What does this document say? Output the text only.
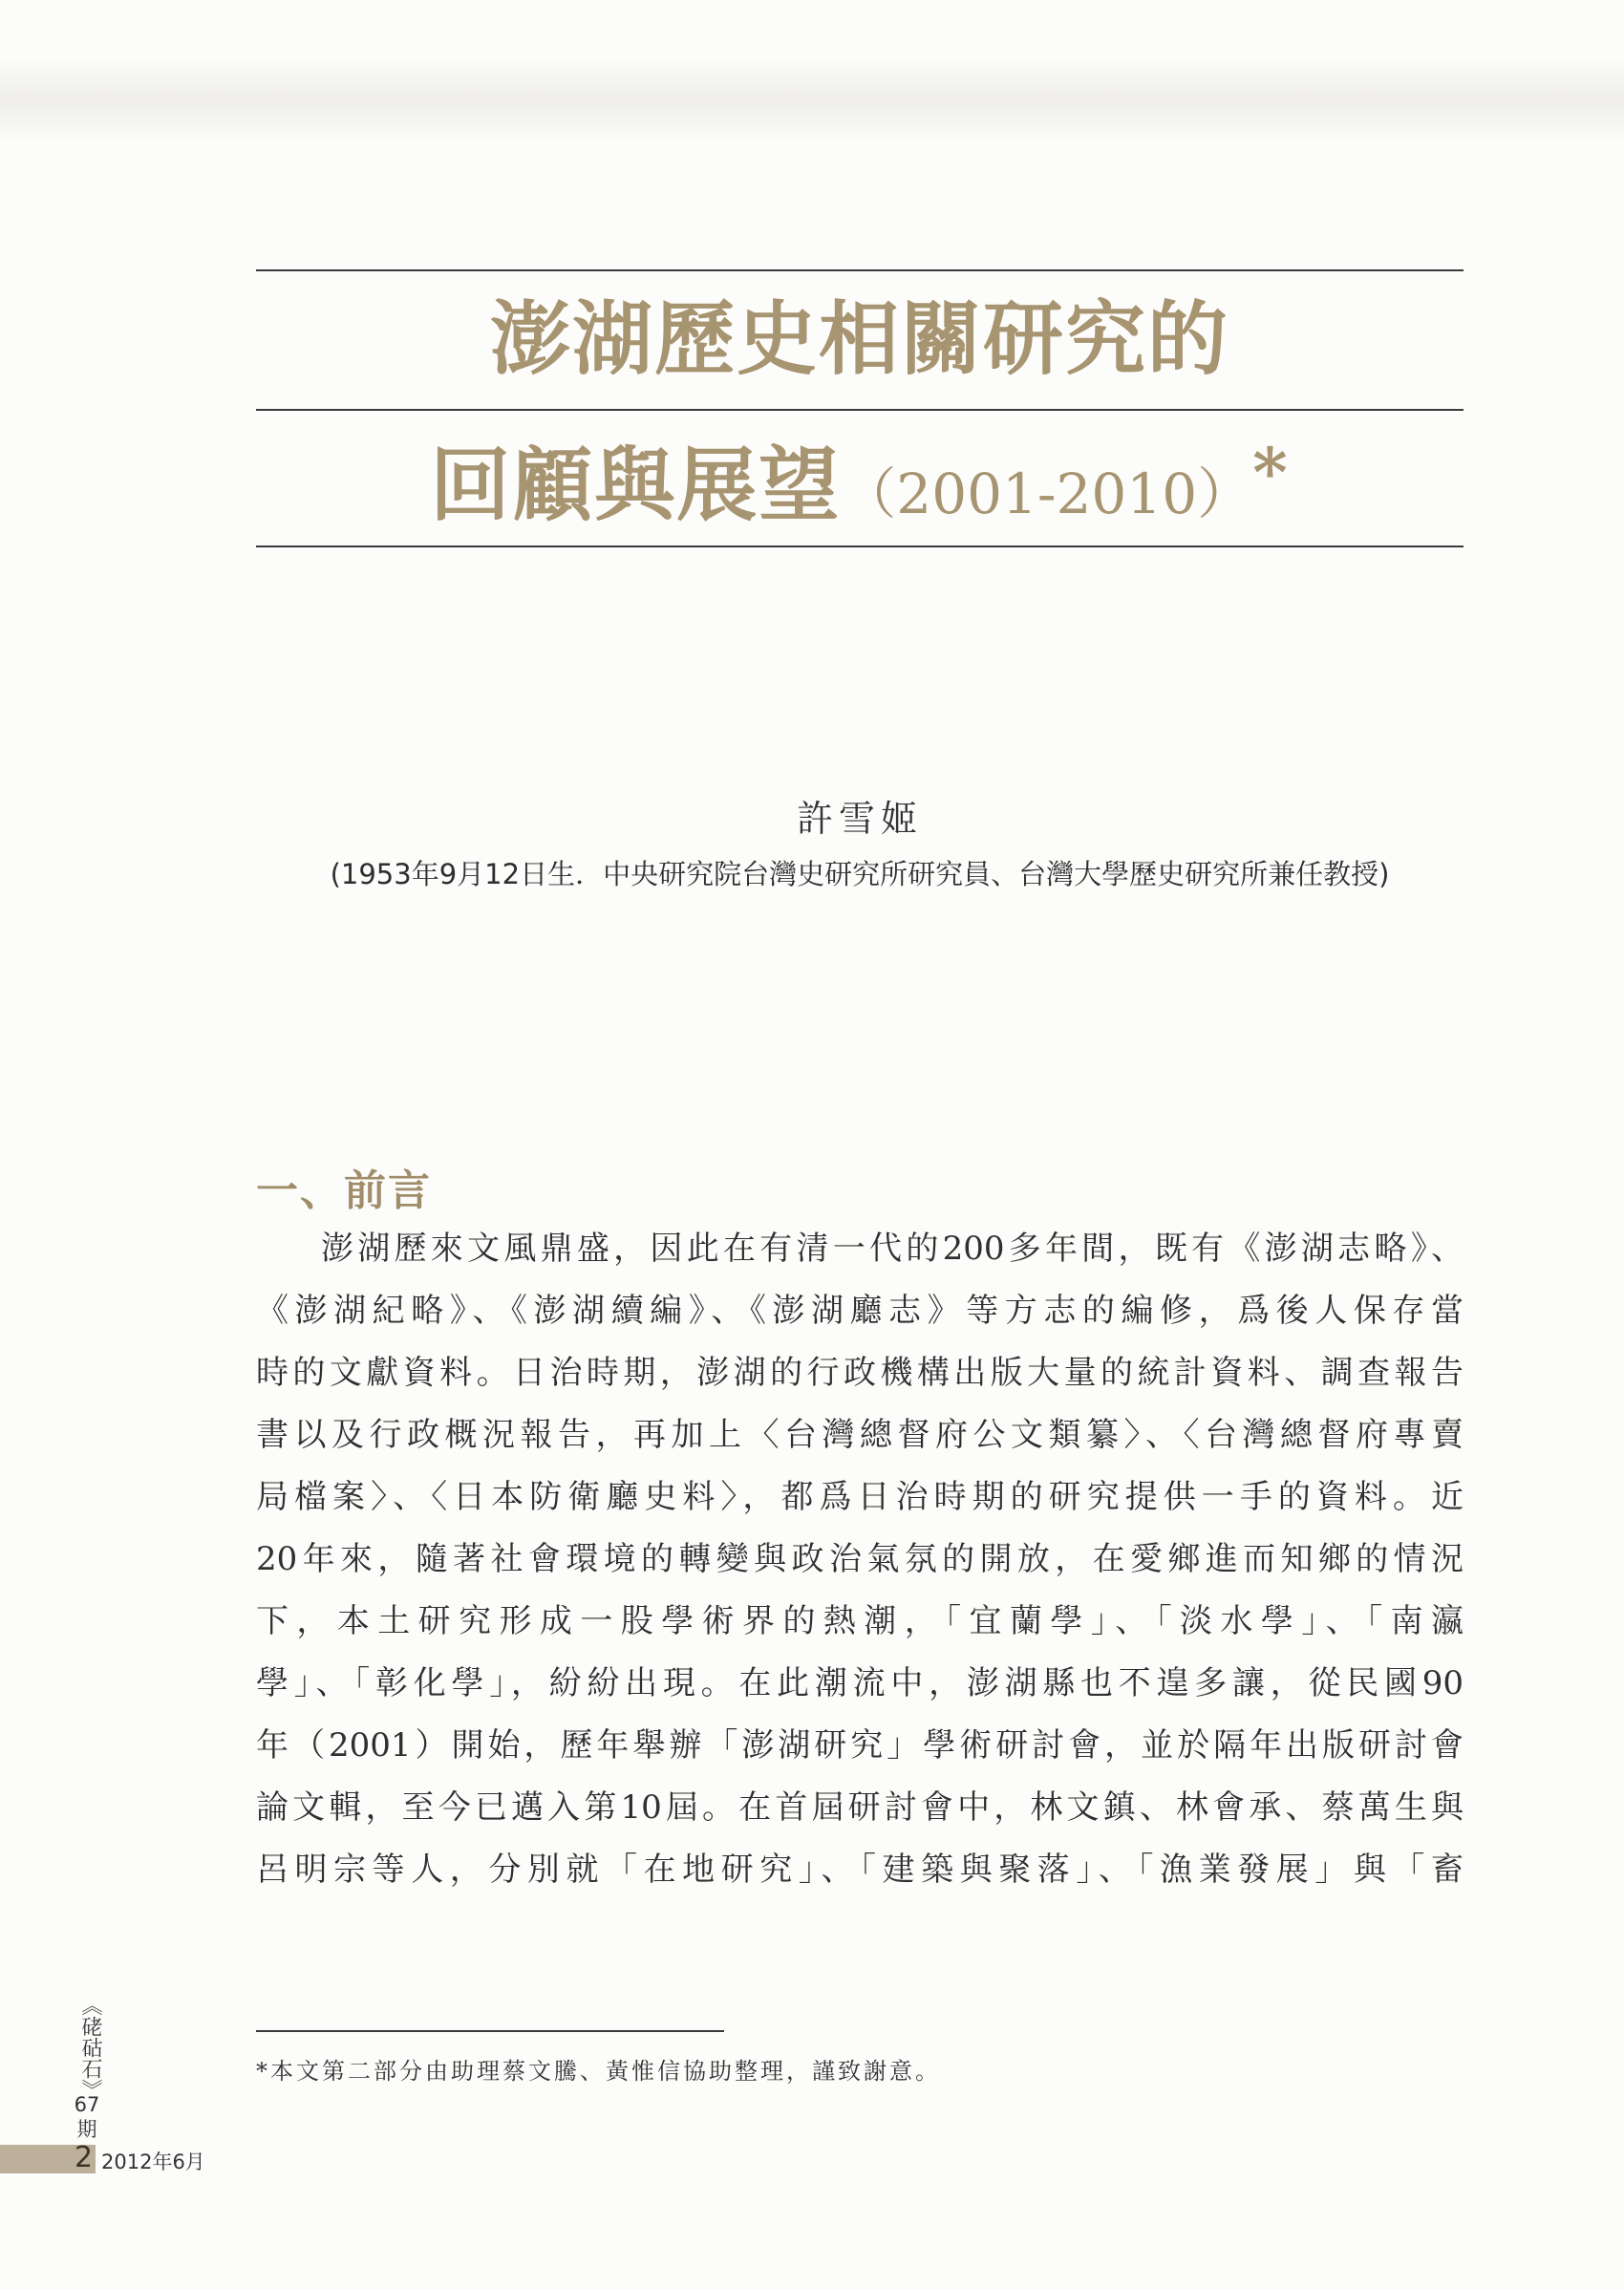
澎湖歷史相關研究的
回顧與展望（2001-2010）*
許雪姬
(1953年9月12日生．中央研究院台灣史研究所研究員、台灣大學歷史研究所兼任教授)
一、前言
澎湖歷來文風鼎盛，因此在有清一代的200多年間，既有《澎湖志略》、
《澎湖紀略》、《澎湖續編》、《澎湖廳志》等方志的編修，爲後人保存當
時的文獻資料。日治時期，澎湖的行政機構出版大量的統計資料、調查報告
書以及行政概況報告，再加上〈台灣總督府公文類纂〉、〈台灣總督府專賣
局檔案〉、〈日本防衛廳史料〉，都爲日治時期的研究提供一手的資料。近
20年來，隨著社會環境的轉變與政治氣氛的開放，在愛鄉進而知鄉的情況
下，本土研究形成一股學術界的熱潮，「宜蘭學」、「淡水學」、「南瀛
學」、「彰化學」，紛紛出現。在此潮流中，澎湖縣也不遑多讓，從民國90
年（2001）開始，歷年舉辦「澎湖研究」學術研討會，並於隔年出版研討會
論文輯，至今已邁入第10屆。在首屆研討會中，林文鎮、林會承、蔡萬生與
呂明宗等人，分別就「在地研究」、「建築與聚落」、「漁業發展」與「畜
*本文第二部分由助理蔡文騰、黃惟信協助整理，謹致謝意。
《硓𥑮石》
67
期
2 2012年6月
